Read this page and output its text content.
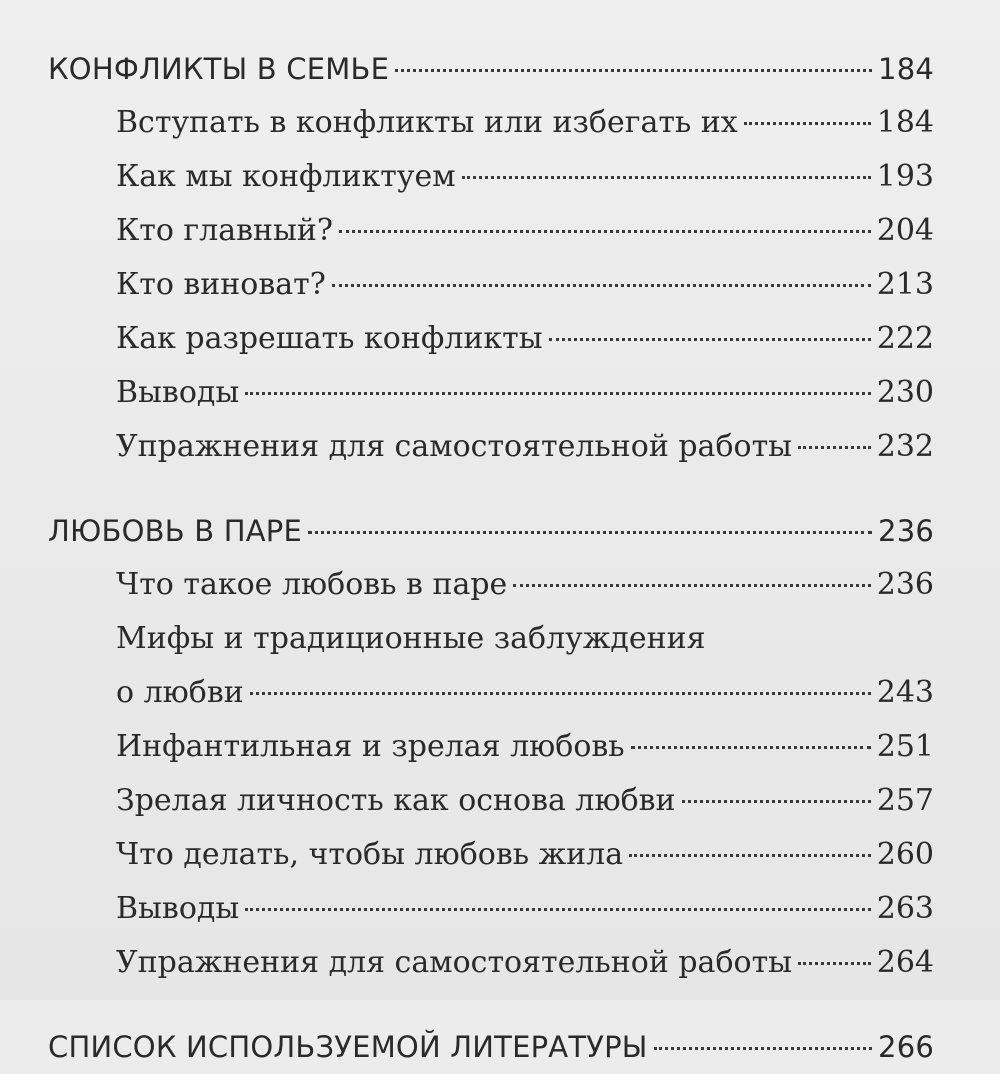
КОНФЛИКТЫ В СЕМЬЕ	184
Вступать в конфликты или избегать их	184
Как мы конфликтуем	193
Кто главный?	204
Кто виноват?	213
Как разрешать конфликты	222
Выводы	230
Упражнения для самостоятельной работы	232
ЛЮБОВЬ В ПАРЕ	236
Что такое любовь в паре	236
Мифы и традиционные заблуждения
о любви	243
Инфантильная и зрелая любовь	251
Зрелая личность как основа любви	257
Что делать, чтобы любовь жила	260
Выводы	263
Упражнения для самостоятельной работы	264
СПИСОК ИСПОЛЬЗУЕМОЙ ЛИТЕРАТУРЫ	266
